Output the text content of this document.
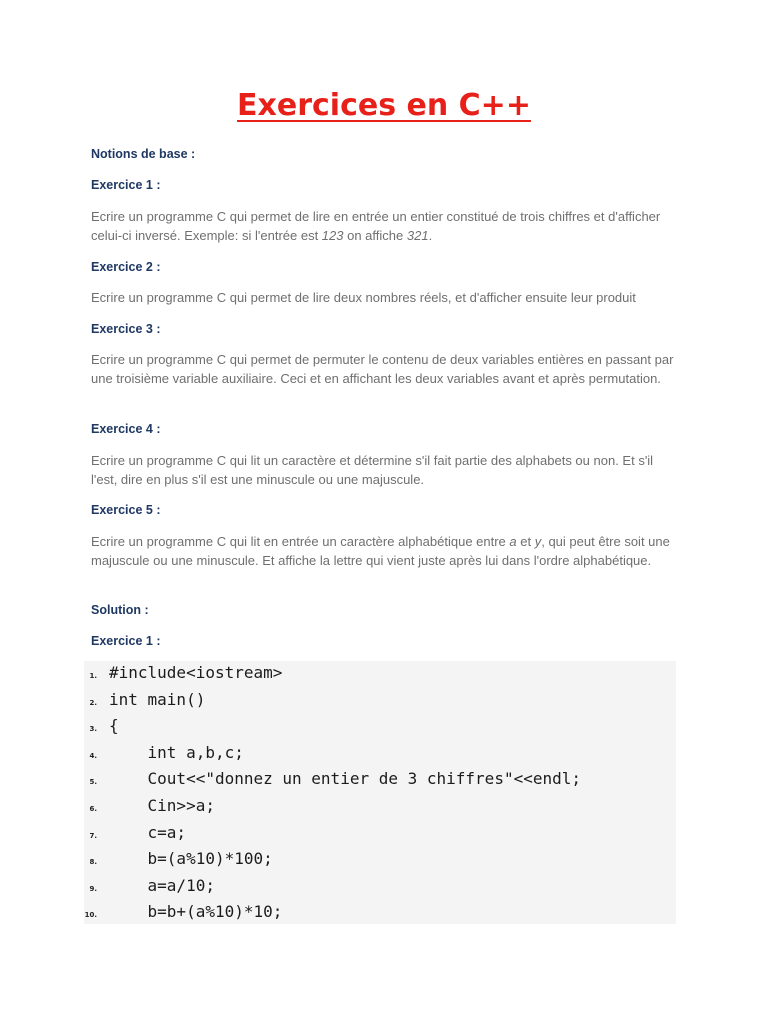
Exercices en C++

Notions de base :

Exercice 1 :

Ecrire un programme C qui permet de lire en entrée un entier constitué de trois chiffres et d'afficher celui-ci inversé. Exemple: si l'entrée est 123 on affiche 321.

Exercice 2 :

Ecrire un programme C qui permet de lire deux nombres réels, et d'afficher ensuite leur produit

Exercice 3 :

Ecrire un programme C qui permet de permuter le contenu de deux variables entières en passant par une troisième variable auxiliaire. Ceci et en affichant les deux variables avant et après permutation.

Exercice 4 :

Ecrire un programme C qui lit un caractère et détermine s'il fait partie des alphabets ou non. Et s'il l'est, dire en plus s'il est une minuscule ou une majuscule.

Exercice 5 :

Ecrire un programme C qui lit en entrée un caractère alphabétique entre a et y, qui peut être soit une majuscule ou une minuscule. Et affiche la lettre qui vient juste après lui dans l'ordre alphabétique.

Solution :

Exercice 1 :

1. #include<iostream>
2. int main()
3. {
4. int a,b,c;
5. Cout<<"donnez un entier de 3 chiffres"<<endl;
6. Cin>>a;
7. c=a;
8. b=(a%10)*100;
9. a=a/10;
10. b=b+(a%10)*10;
